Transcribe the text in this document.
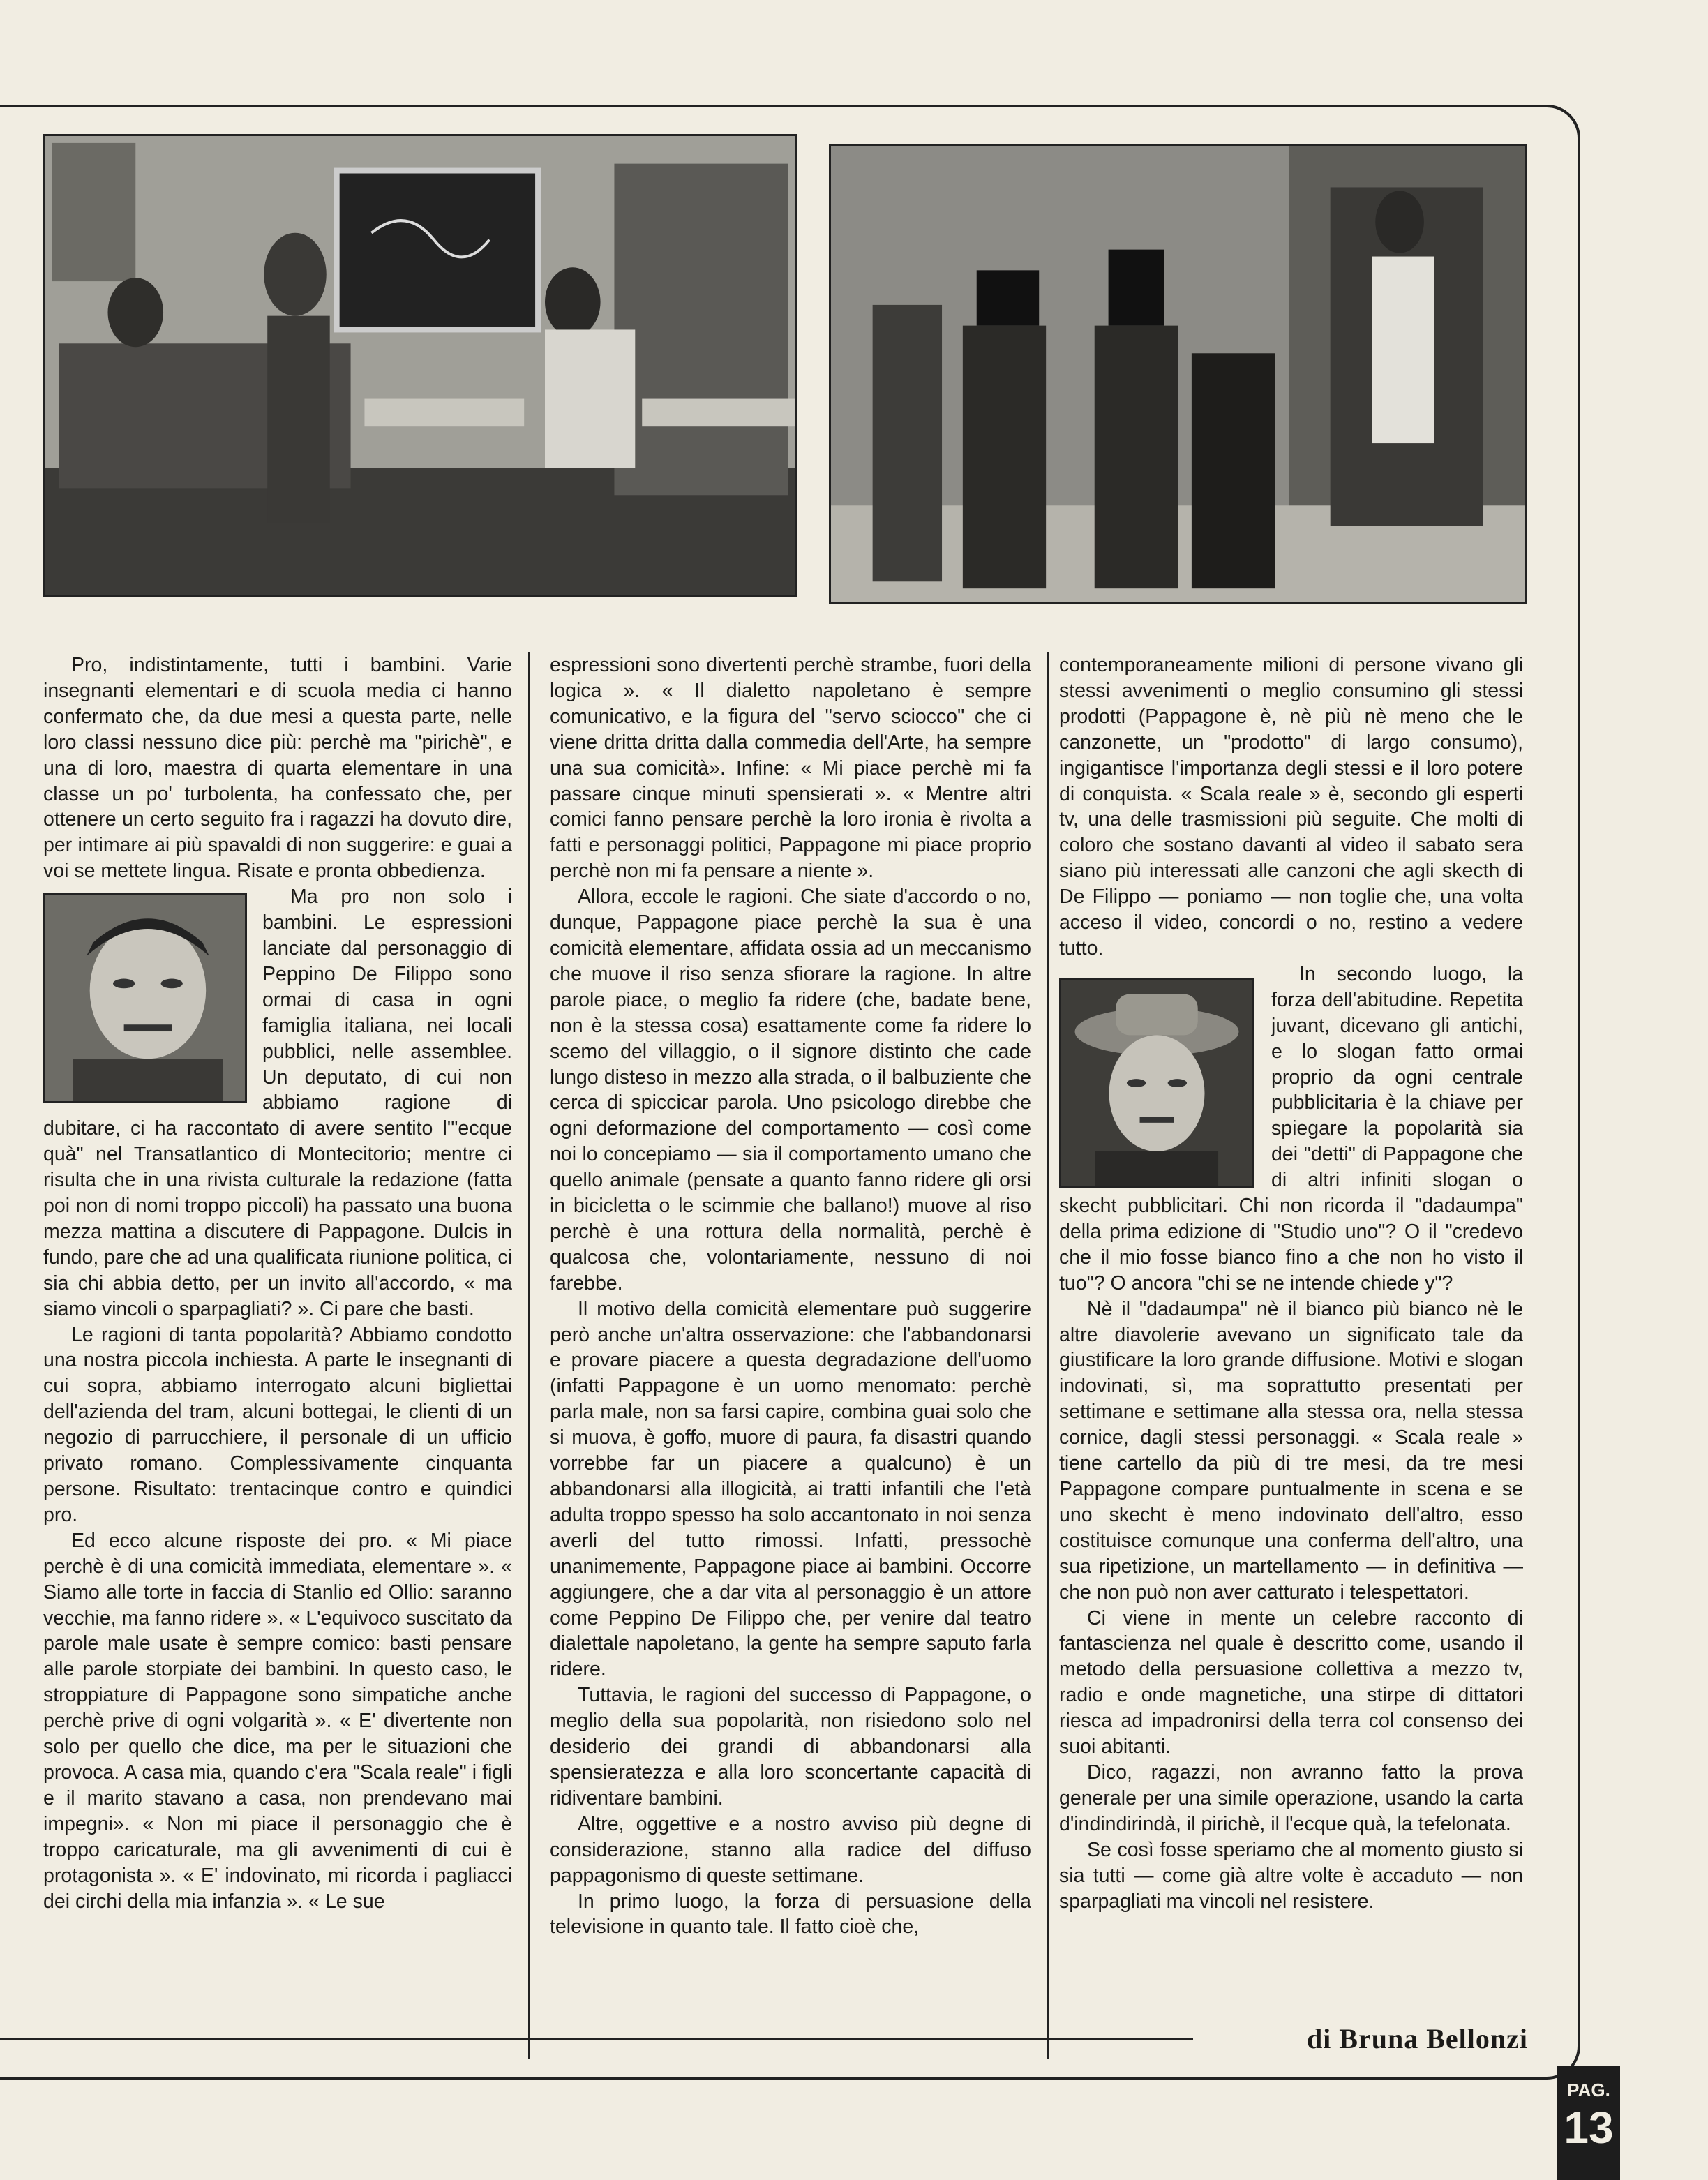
Pro, indistintamente, tutti i bambini. Varie insegnanti elementari e di scuola media ci hanno confermato che, da due mesi a questa parte, nelle loro classi nessuno dice più: perchè ma "pirichè", e una di loro, maestra di quarta elementare in una classe un po' turbolenta, ha confessato che, per ottenere un certo seguito fra i ragazzi ha dovuto dire, per intimare ai più spavaldi di non suggerire: e guai a voi se mettete lingua. Risate e pronta obbedienza.

Ma pro non solo i bambini. Le espressioni lanciate dal personaggio di Peppino De Filippo sono ormai di casa in ogni famiglia italiana, nei locali pubblici, nelle assemblee. Un deputato, di cui non abbiamo ragione di dubitare, ci ha raccontato di avere sentito l'"ecque quà" nel Transatlantico di Montecitorio; mentre ci risulta che in una rivista culturale la redazione (fatta poi non di nomi troppo piccoli) ha passato una buona mezza mattina a discutere di Pappagone. Dulcis in fundo, pare che ad una qualificata riunione politica, ci sia chi abbia detto, per un invito all'accordo, « ma siamo vincoli o sparpagliati? ». Ci pare che basti.

Le ragioni di tanta popolarità? Abbiamo condotto una nostra piccola inchiesta. A parte le insegnanti di cui sopra, abbiamo interrogato alcuni bigliettai dell'azienda del tram, alcuni bottegai, le clienti di un negozio di parrucchiere, il personale di un ufficio privato romano. Complessivamente cinquanta persone. Risultato: trentacinque contro e quindici pro.

Ed ecco alcune risposte dei pro. « Mi piace perchè è di una comicità immediata, elementare ». « Siamo alle torte in faccia di Stanlio ed Ollio: saranno vecchie, ma fanno ridere ». « L'equivoco suscitato da parole male usate è sempre comico: basti pensare alle parole storpiate dei bambini. In questo caso, le stroppiature di Pappagone sono simpatiche anche perchè prive di ogni volgarità ». « E' divertente non solo per quello che dice, ma per le situazioni che provoca. A casa mia, quando c'era "Scala reale" i figli e il marito stavano a casa, non prendevano mai impegni». « Non mi piace il personaggio che è troppo caricaturale, ma gli avvenimenti di cui è protagonista ». « E' indovinato, mi ricorda i pagliacci dei circhi della mia infanzia ». « Le sue

espressioni sono divertenti perchè strambe, fuori della logica ». « Il dialetto napoletano è sempre comunicativo, e la figura del "servo sciocco" che ci viene dritta dritta dalla commedia dell'Arte, ha sempre una sua comicità». Infine: « Mi piace perchè mi fa passare cinque minuti spensierati ». « Mentre altri comici fanno pensare perchè la loro ironia è rivolta a fatti e personaggi politici, Pappagone mi piace proprio perchè non mi fa pensare a niente ».

Allora, eccole le ragioni. Che siate d'accordo o no, dunque, Pappagone piace perchè la sua è una comicità elementare, affidata ossia ad un meccanismo che muove il riso senza sfiorare la ragione. In altre parole piace, o meglio fa ridere (che, badate bene, non è la stessa cosa) esattamente come fa ridere lo scemo del villaggio, o il signore distinto che cade lungo disteso in mezzo alla strada, o il balbuziente che cerca di spiccicar parola. Uno psicologo direbbe che ogni deformazione del comportamento — così come noi lo concepiamo — sia il comportamento umano che quello animale (pensate a quanto fanno ridere gli orsi in bicicletta o le scimmie che ballano!) muove al riso perchè è una rottura della normalità, perchè è qualcosa che, volontariamente, nessuno di noi farebbe.

Il motivo della comicità elementare può suggerire però anche un'altra osservazione: che l'abbandonarsi e provare piacere a questa degradazione dell'uomo (infatti Pappagone è un uomo menomato: perchè parla male, non sa farsi capire, combina guai solo che si muova, è goffo, muore di paura, fa disastri quando vorrebbe far un piacere a qualcuno) è un abbandonarsi alla illogicità, ai tratti infantili che l'età adulta troppo spesso ha solo accantonato in noi senza averli del tutto rimossi. Infatti, pressochè unanimemente, Pappagone piace ai bambini. Occorre aggiungere, che a dar vita al personaggio è un attore come Peppino De Filippo che, per venire dal teatro dialettale napoletano, la gente ha sempre saputo farla ridere.

Tuttavia, le ragioni del successo di Pappagone, o meglio della sua popolarità, non risiedono solo nel desiderio dei grandi di abbandonarsi alla spensieratezza e alla loro sconcertante capacità di ridiventare bambini.

Altre, oggettive e a nostro avviso più degne di considerazione, stanno alla radice del diffuso pappagonismo di queste settimane.

In primo luogo, la forza di persuasione della televisione in quanto tale. Il fatto cioè che,

contemporaneamente milioni di persone vivano gli stessi avvenimenti o meglio consumino gli stessi prodotti (Pappagone è, nè più nè meno che le canzonette, un "prodotto" di largo consumo), ingigantisce l'importanza degli stessi e il loro potere di conquista. « Scala reale » è, secondo gli esperti tv, una delle trasmissioni più seguite. Che molti di coloro che sostano davanti al video il sabato sera siano più interessati alle canzoni che agli skecth di De Filippo — poniamo — non toglie che, una volta acceso il video, concordi o no, restino a vedere tutto.

In secondo luogo, la forza dell'abitudine. Repetita juvant, dicevano gli antichi, e lo slogan fatto ormai proprio da ogni centrale pubblicitaria è la chiave per spiegare la popolarità sia dei "detti" di Pappagone che di altri infiniti slogan o skecht pubblicitari. Chi non ricorda il "dadaumpa" della prima edizione di "Studio uno"? O il "credevo che il mio fosse bianco fino a che non ho visto il tuo"? O ancora "chi se ne intende chiede y"?

Nè il "dadaumpa" nè il bianco più bianco nè le altre diavolerie avevano un significato tale da giustificare la loro grande diffusione. Motivi e slogan indovinati, sì, ma soprattutto presentati per settimane e settimane alla stessa ora, nella stessa cornice, dagli stessi personaggi. « Scala reale » tiene cartello da più di tre mesi, da tre mesi Pappagone compare puntualmente in scena e se uno skecht è meno indovinato dell'altro, esso costituisce comunque una conferma dell'altro, una sua ripetizione, un martellamento — in definitiva — che non può non aver catturato i telespettatori.

Ci viene in mente un celebre racconto di fantascienza nel quale è descritto come, usando il metodo della persuasione collettiva a mezzo tv, radio e onde magnetiche, una stirpe di dittatori riesca ad impadronirsi della terra col consenso dei suoi abitanti.

Dico, ragazzi, non avranno fatto la prova generale per una simile operazione, usando la carta d'indindirindà, il pirichè, il l'ecque quà, la tefelonata.

Se così fosse speriamo che al momento giusto si sia tutti — come già altre volte è accaduto — non sparpagliati ma vincoli nel resistere.

di Bruna Bellonzi
PAG.
13
